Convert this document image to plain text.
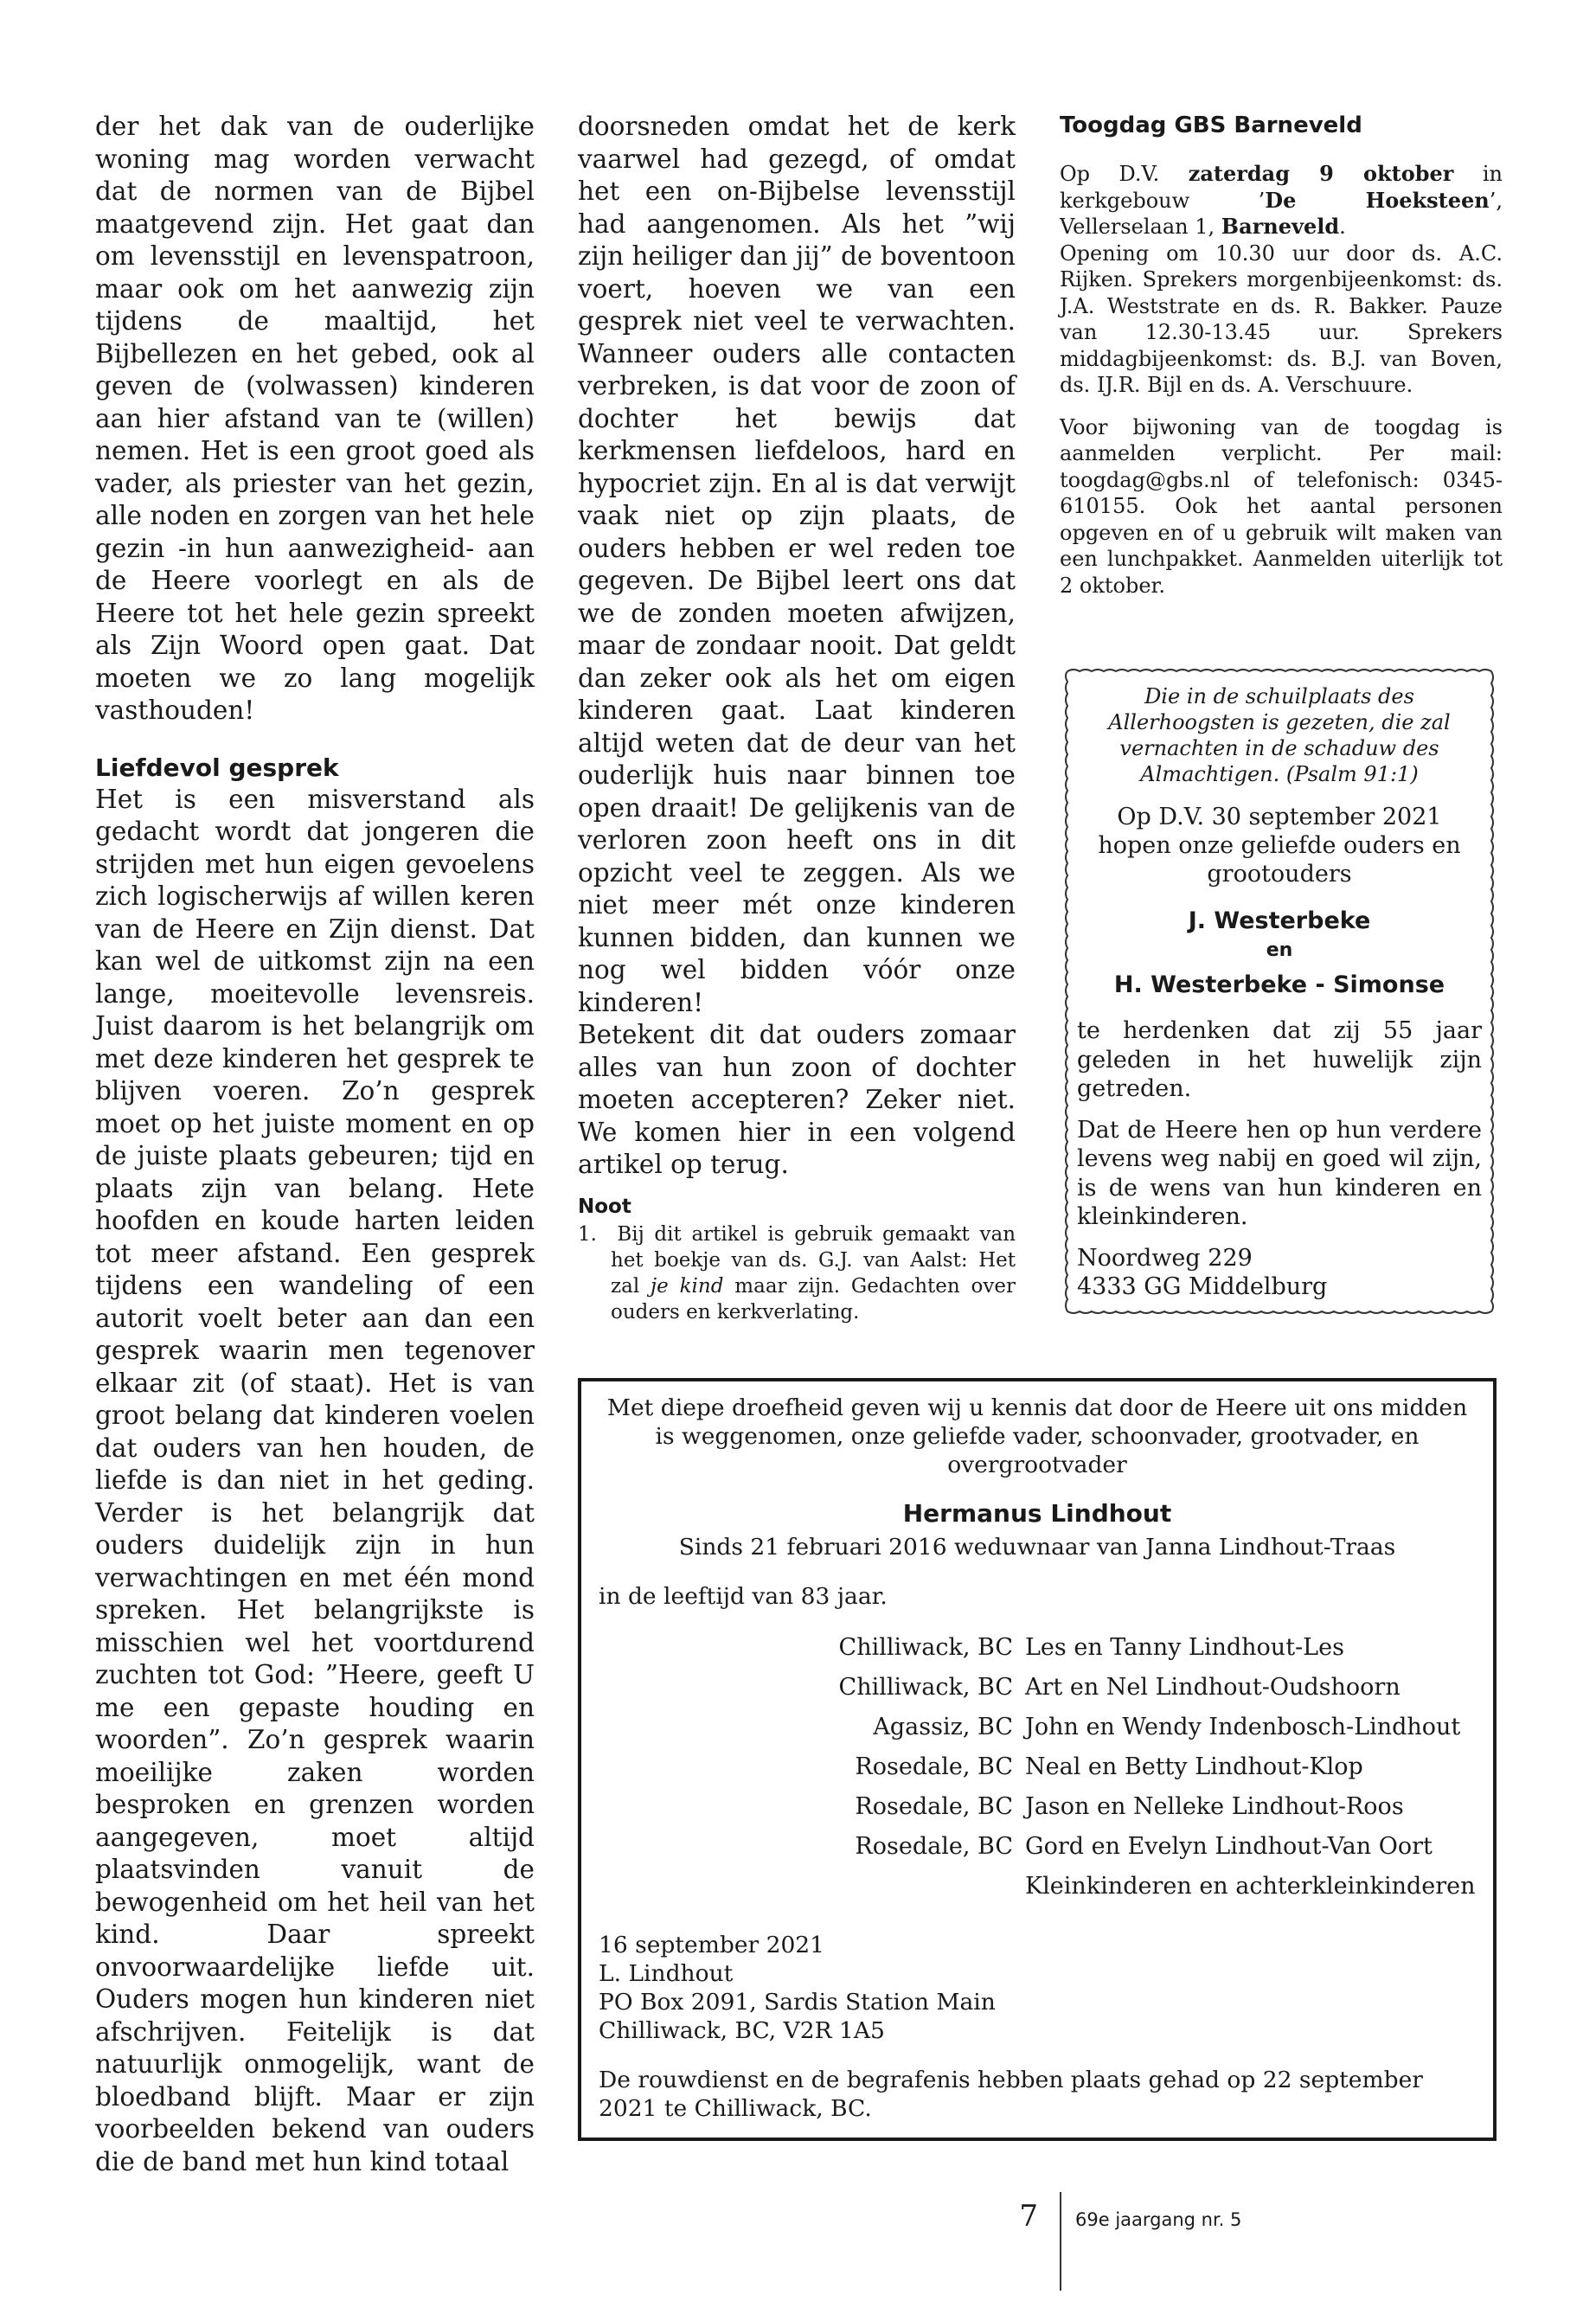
der het dak van de ouderlijke woning mag worden verwacht dat de normen van de Bijbel maatgevend zijn. Het gaat dan om levensstijl en levenspatroon, maar ook om het aanwezig zijn tijdens de maaltijd, het Bijbellezen en het gebed, ook al geven de (volwassen) kinderen aan hier afstand van te (willen) nemen. Het is een groot goed als vader, als priester van het gezin, alle noden en zorgen van het hele gezin -in hun aanwezigheid- aan de Heere voorlegt en als de Heere tot het hele gezin spreekt als Zijn Woord open gaat. Dat moeten we zo lang mogelijk vasthouden!

Liefdevol gesprek

Het is een misverstand als gedacht wordt dat jongeren die strijden met hun eigen gevoelens zich logischerwijs af willen keren van de Heere en Zijn dienst. Dat kan wel de uitkomst zijn na een lange, moeitevolle levensreis. Juist daarom is het belangrijk om met deze kinderen het gesprek te blijven voeren. Zo’n gesprek moet op het juiste moment en op de juiste plaats gebeuren; tijd en plaats zijn van belang. Hete hoofden en koude harten leiden tot meer afstand. Een gesprek tijdens een wandeling of een autorit voelt beter aan dan een gesprek waarin men tegenover elkaar zit (of staat). Het is van groot belang dat kinderen voelen dat ouders van hen houden, de liefde is dan niet in het geding. Verder is het belangrijk dat ouders duidelijk zijn in hun verwachtingen en met één mond spreken. Het belangrijkste is misschien wel het voortdurend zuchten tot God: ”Heere, geeft U me een gepaste houding en woorden”. Zo’n gesprek waarin moeilijke zaken worden besproken en grenzen worden aangegeven, moet altijd plaatsvinden vanuit de bewogenheid om het heil van het kind. Daar spreekt onvoorwaardelijke liefde uit. Ouders mogen hun kinderen niet afschrijven. Feitelijk is dat natuurlijk onmogelijk, want de bloedband blijft. Maar er zijn voorbeelden bekend van ouders die de band met hun kind totaal

doorsneden omdat het de kerk vaarwel had gezegd, of omdat het een on-Bijbelse levensstijl had aangenomen. Als het ”wij zijn heiliger dan jij” de boventoon voert, hoeven we van een gesprek niet veel te verwachten. Wanneer ouders alle contacten verbreken, is dat voor de zoon of dochter het bewijs dat kerkmensen liefdeloos, hard en hypocriet zijn. En al is dat verwijt vaak niet op zijn plaats, de ouders hebben er wel reden toe gegeven. De Bijbel leert ons dat we de zonden moeten afwijzen, maar de zondaar nooit. Dat geldt dan zeker ook als het om eigen kinderen gaat. Laat kinderen altijd weten dat de deur van het ouderlijk huis naar binnen toe open draait! De gelijkenis van de verloren zoon heeft ons in dit opzicht veel te zeggen. Als we niet meer mét onze kinderen kunnen bidden, dan kunnen we nog wel bidden vóór onze kinderen!

Betekent dit dat ouders zomaar alles van hun zoon of dochter moeten accepteren? Zeker niet. We komen hier in een volgend artikel op terug.

Noot

1. Bij dit artikel is gebruik gemaakt van het boekje van ds. G.J. van Aalst: Het zal je kind maar zijn. Gedachten over ouders en kerkverlating.

Toogdag GBS Barneveld

Op D.V. zaterdag 9 oktober in kerkgebouw ’De Hoeksteen’, Vellerselaan 1, Barneveld.

Opening om 10.30 uur door ds. A.C. Rijken. Sprekers morgenbijeenkomst: ds. J.A. Weststrate en ds. R. Bakker. Pauze van 12.30-13.45 uur. Sprekers middagbijeenkomst: ds. B.J. van Boven, ds. IJ.R. Bijl en ds. A. Verschuure.

Voor bijwoning van de toogdag is aanmelden verplicht. Per mail: toogdag@gbs.nl of telefonisch: 0345-610155. Ook het aantal personen opgeven en of u gebruik wilt maken van een lunchpakket. Aanmelden uiterlijk tot 2 oktober.

Die in de schuilplaats des Allerhoogsten is gezeten, die zal vernachten in de schaduw des Almachtigen. (Psalm 91:1)

Op D.V. 30 september 2021 hopen onze geliefde ouders en grootouders

J. Westerbeke

en

H. Westerbeke - Simonse

te herdenken dat zij 55 jaar geleden in het huwelijk zijn getreden.

Dat de Heere hen op hun verdere levens weg nabij en goed wil zijn, is de wens van hun kinderen en kleinkinderen.

Noordweg 229

4333 GG Middelburg

Met diepe droefheid geven wij u kennis dat door de Heere uit ons midden is weggenomen, onze geliefde vader, schoonvader, grootvader, en overgrootvader

Hermanus Lindhout

Sinds 21 februari 2016 weduwnaar van Janna Lindhout-Traas

in de leeftijd van 83 jaar.

Chilliwack, BC Les en Tanny Lindhout-Les
Chilliwack, BC Art en Nel Lindhout-Oudshoorn
Agassiz, BC John en Wendy Indenbosch-Lindhout
Rosedale, BC Neal en Betty Lindhout-Klop
Rosedale, BC Jason en Nelleke Lindhout-Roos
Rosedale, BC Gord en Evelyn Lindhout-Van Oort
Kleinkinderen en achterkleinkinderen

16 september 2021

L. Lindhout

PO Box 2091, Sardis Station Main

Chilliwack, BC, V2R 1A5

De rouwdienst en de begrafenis hebben plaats gehad op 22 september 2021 te Chilliwack, BC.

7 69e jaargang nr. 5
